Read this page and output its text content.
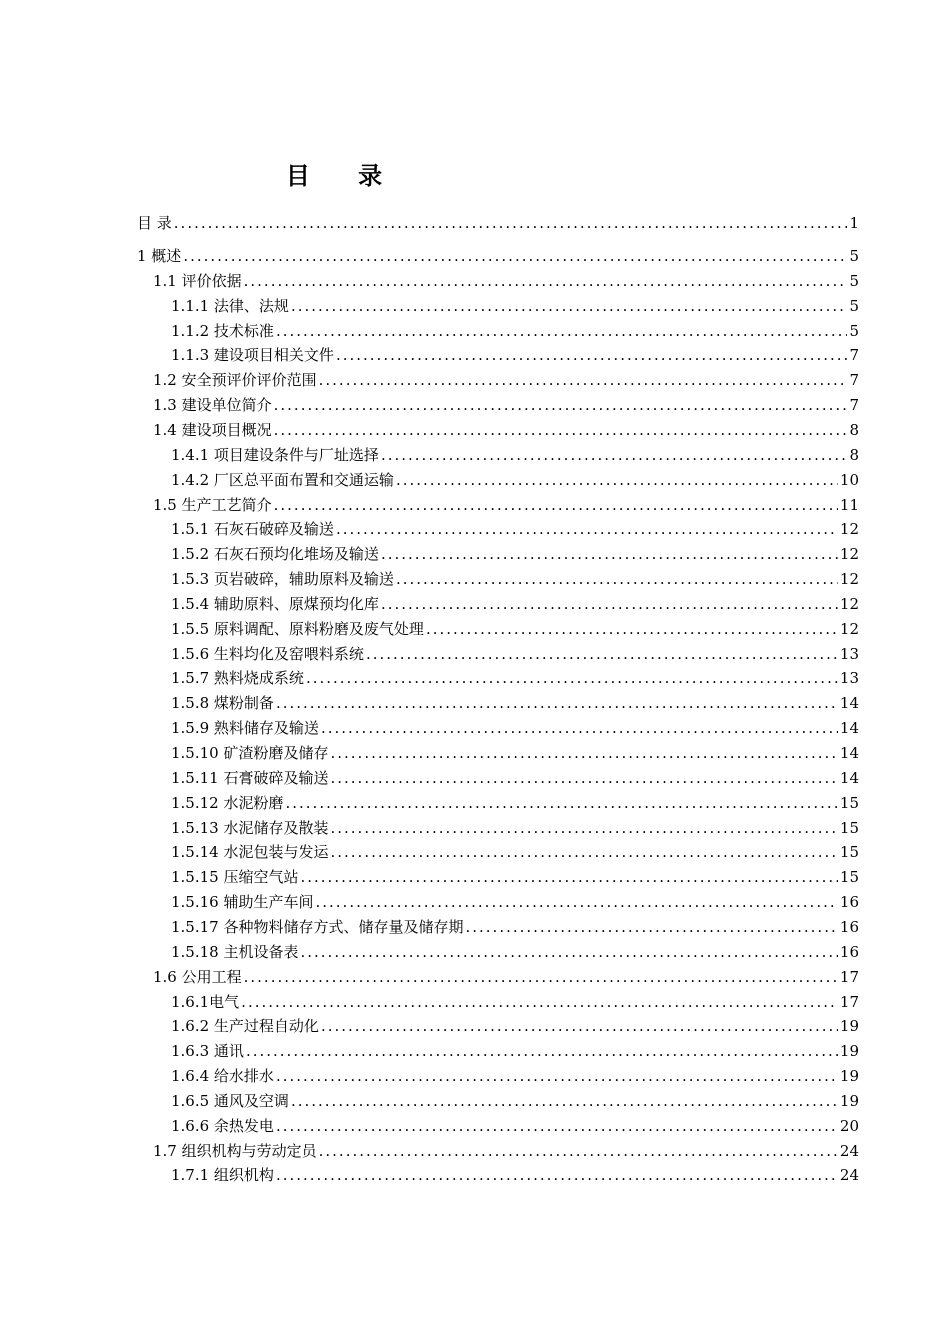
目 录
目 录 .....	1
1 概述 .....	5
1.1 评价依据 .....	5
1.1.1 法律、法规 .....	5
1.1.2 技术标准 .....	5
1.1.3 建设项目相关文件 .....	7
1.2 安全预评价评价范围 .....	7
1.3 建设单位简介 .....	7
1.4 建设项目概况 .....	8
1.4.1 项目建设条件与厂址选择 .....	8
1.4.2 厂区总平面布置和交通运输 .....	10
1.5 生产工艺简介 .....	11
1.5.1 石灰石破碎及输送 .....	12
1.5.2 石灰石预均化堆场及输送 .....	12
1.5.3 页岩破碎，辅助原料及输送 .....	12
1.5.4 辅助原料、原煤预均化库 .....	12
1.5.5 原料调配、原料粉磨及废气处理 .....	12
1.5.6 生料均化及窑喂料系统 .....	13
1.5.7 熟料烧成系统 .....	13
1.5.8 煤粉制备 .....	14
1.5.9 熟料储存及输送 .....	14
1.5.10 矿渣粉磨及储存 .....	14
1.5.11 石膏破碎及输送 .....	14
1.5.12 水泥粉磨 .....	15
1.5.13 水泥储存及散装 .....	15
1.5.14 水泥包装与发运 .....	15
1.5.15 压缩空气站 .....	15
1.5.16 辅助生产车间 .....	16
1.5.17 各种物料储存方式、储存量及储存期 .....	16
1.5.18 主机设备表 .....	16
1.6 公用工程 .....	17
1.6.1电气 .....	17
1.6.2 生产过程自动化 .....	19
1.6.3 通讯 .....	19
1.6.4 给水排水 .....	19
1.6.5 通风及空调 .....	19
1.6.6 余热发电 .....	20
1.7 组织机构与劳动定员 .....	24
1.7.1 组织机构 .....	24
